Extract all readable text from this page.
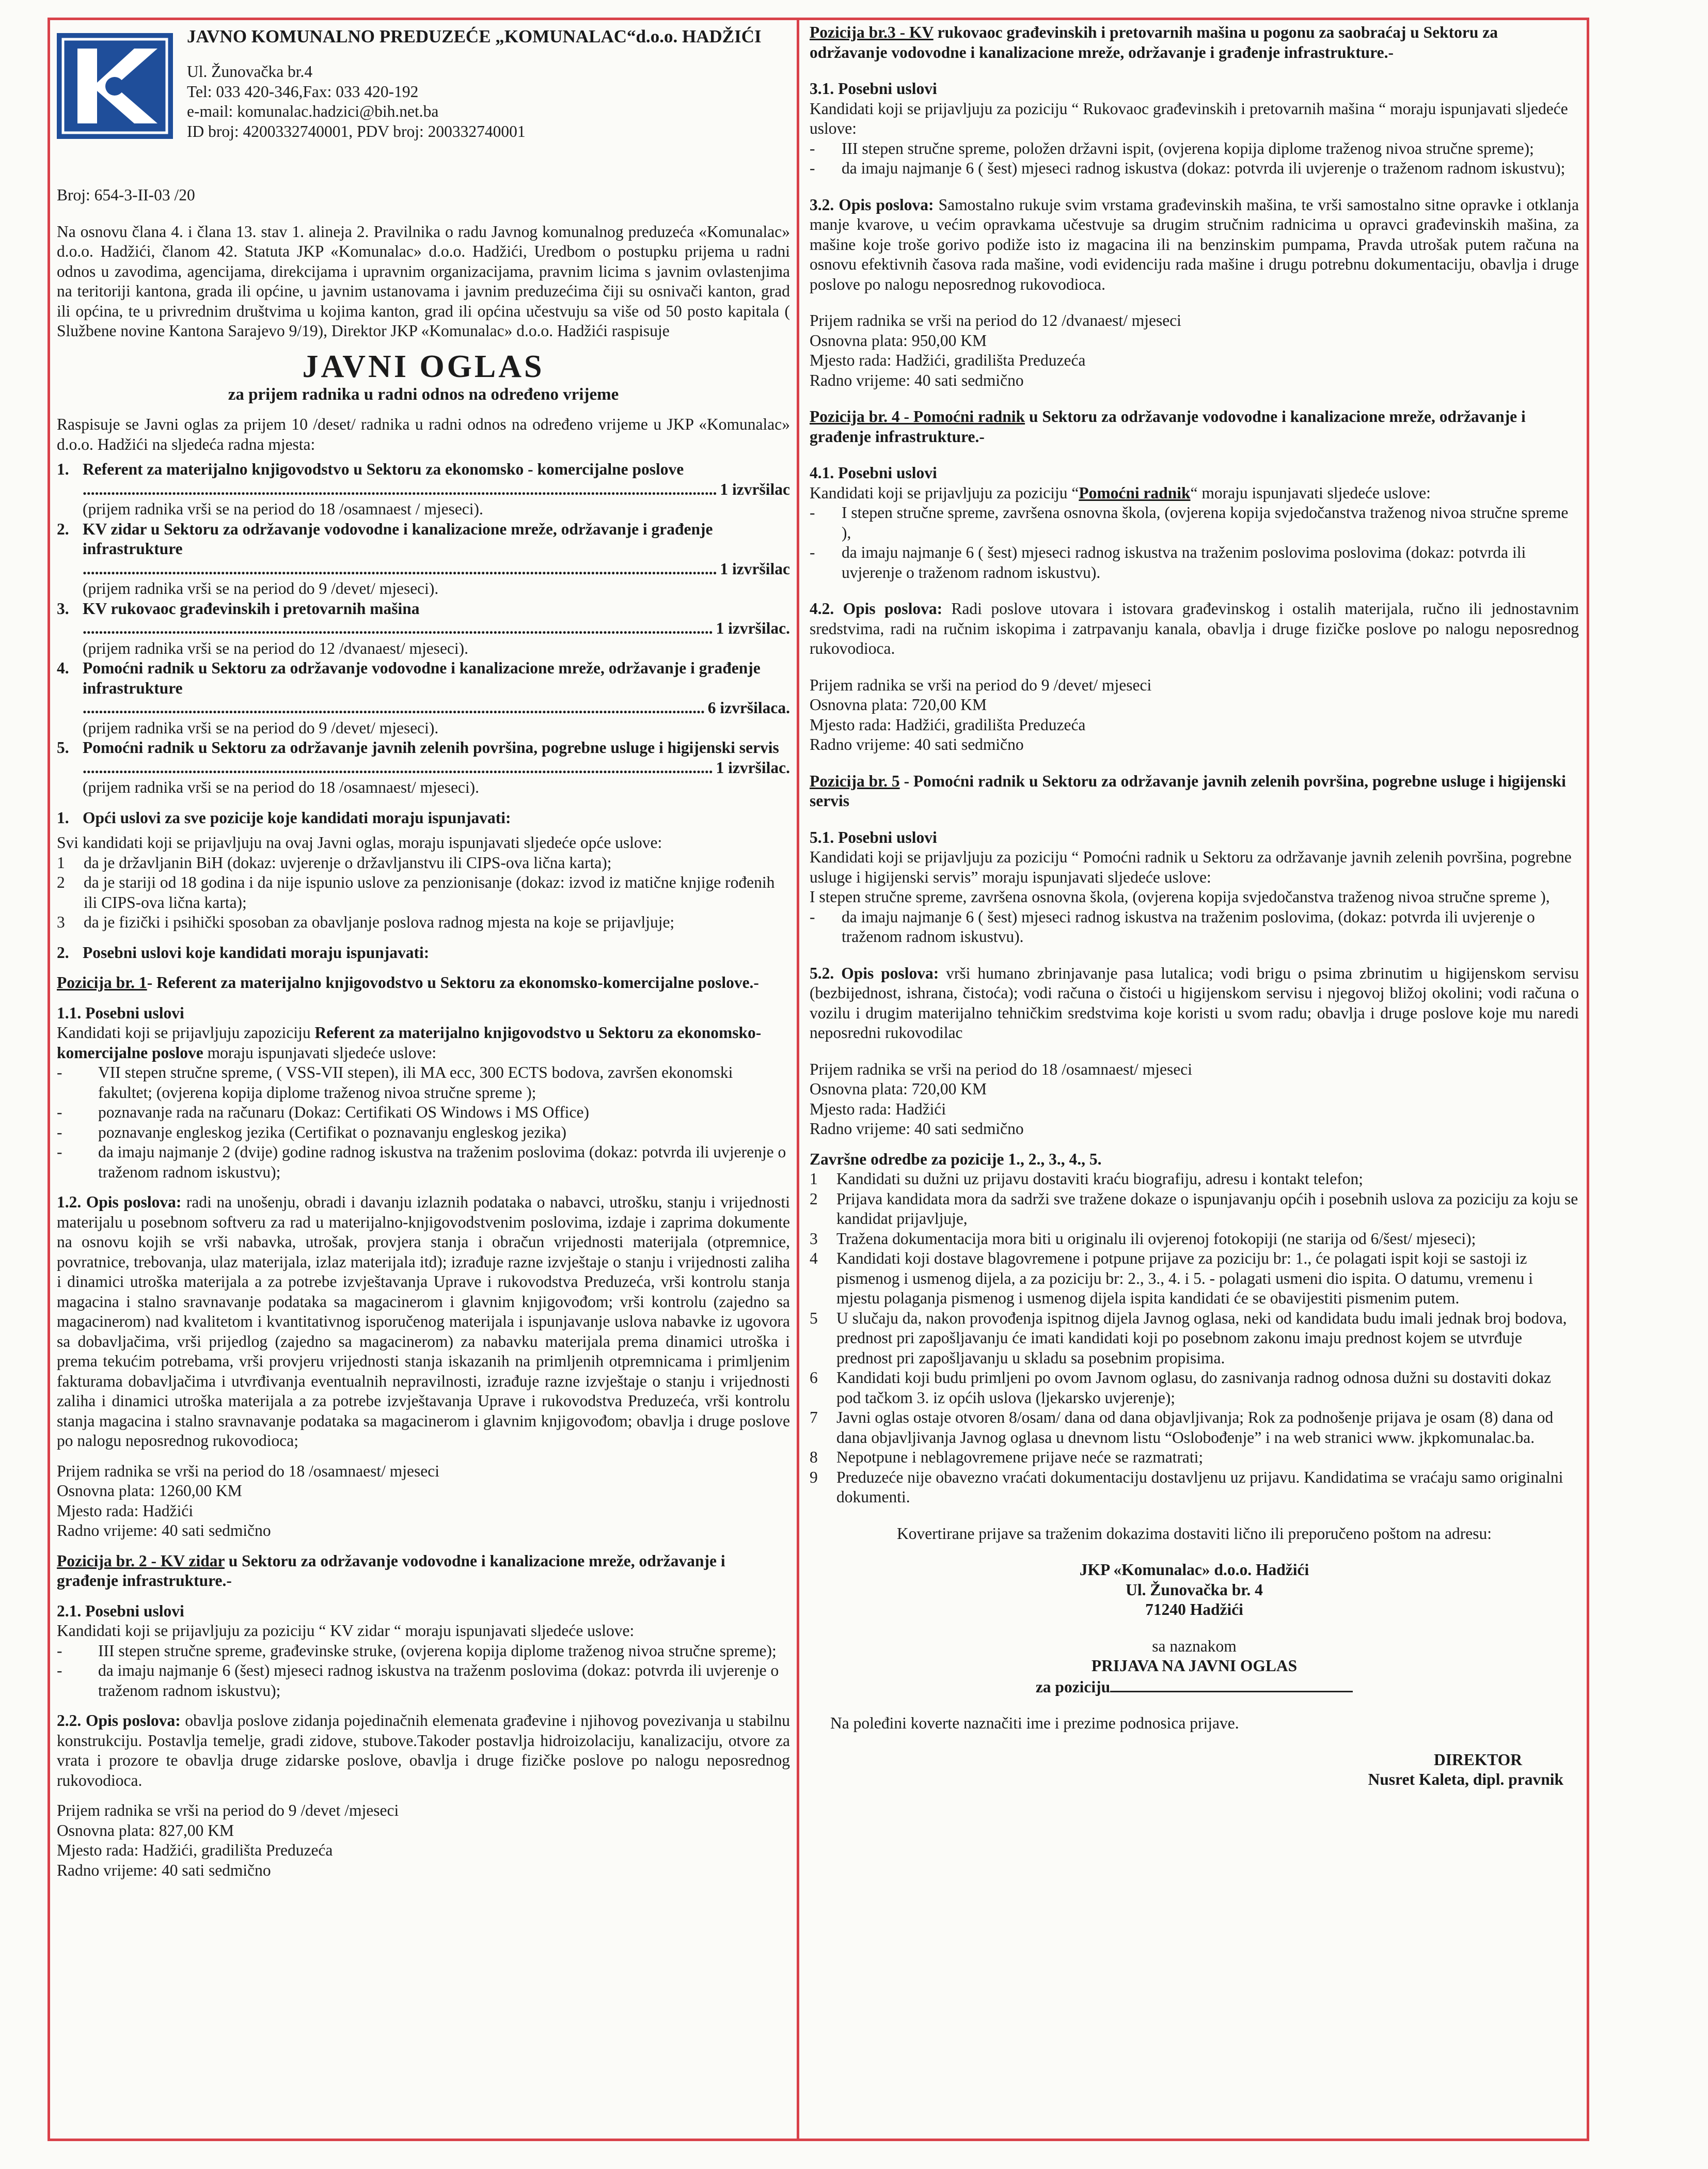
JAVNO KOMUNALNO PREDUZEĆE „KOMUNALAC“d.o.o. HADŽIĆI

Ul. Žunovačka br.4

Tel: 033 420-346,Fax: 033 420-192

e-mail: komunalac.hadzici@bih.net.ba

ID broj: 4200332740001, PDV broj: 200332740001

Broj: 654-3-II-03 /20

Na osnovu člana 4. i člana 13. stav 1. alineja 2. Pravilnika o radu Javnog komunalnog preduzeća «Komunalac» d.o.o. Hadžići, članom 42. Statuta JKP «Komunalac» d.o.o. Hadžići, Uredbom o postupku prijema u radni odnos u zavodima, agencijama, direkcijama i upravnim organizacijama, pravnim licima s javnim ovlastenjima na teritoriji kantona, grada ili općine, u javnim ustanovama i javnim preduzećima čiji su osnivači kanton, grad ili općina, te u privrednim društvima u kojima kanton, grad ili općina učestvuju sa više od 50 posto kapitala ( Službene novine Kantona Sarajevo 9/19), Direktor JKP «Komunalac» d.o.o. Hadžići raspisuje

JAVNI OGLAS

za prijem radnika u radni odnos na određeno vrijeme

Raspisuje se Javni oglas za prijem 10 /deset/ radnika u radni odnos na određeno vrijeme u JKP «Komunalac» d.o.o. Hadžići na sljedeća radna mjesta:

1. Referent za materijalno knjigovodstvo u Sektoru za ekonomsko - komercijalne poslove
.....
1 izvršilac

(prijem radnika vrši se na period do 18 /osamnaest / mjeseci).

2. KV zidar u Sektoru za održavanje vodovodne i kanalizacione mreže, održavanje i građenje infrastrukture
.....
1 izvršilac

(prijem radnika vrši se na period do 9 /devet/ mjeseci).

3. KV rukovaoc građevinskih i pretovarnih mašina
.....
1 izvršilac.

(prijem radnika vrši se na period do 12 /dvanaest/ mjeseci).

4. Pomoćni radnik u Sektoru za održavanje vodovodne i kanalizacione mreže, održavanje i građenje infrastrukture
.....
6 izvršilaca.

(prijem radnika vrši se na period do 9 /devet/ mjeseci).

5. Pomoćni radnik u Sektoru za održavanje javnih zelenih površina, pogrebne usluge i higijenski servis
.....
1 izvršilac.

(prijem radnika vrši se na period do 18 /osamnaest/ mjeseci).

1. Opći uslovi za sve pozicije koje kandidati moraju ispunjavati:

Svi kandidati koji se prijavljuju na ovaj Javni oglas, moraju ispunjavati sljedeće opće uslove:

1	da je državljanin BiH (dokaz: uvjerenje o državljanstvu ili CIPS-ova lična karta);
2	da je stariji od 18 godina i da nije ispunio uslove za penzionisanje (dokaz: izvod iz matične knjige rođenih ili CIPS-ova lična karta);
3	da je fizički i psihički sposoban za obavljanje poslova radnog mjesta na koje se prijavljuje;
2. Posebni uslovi koje kandidati moraju ispunjavati:

Pozicija br. 1- Referent za materijalno knjigovodstvo u Sektoru za ekonomsko-komercijalne poslove.-

1.1. Posebni uslovi

Kandidati koji se prijavljuju zapoziciju Referent za materijalno knjigovodstvo u Sektoru za ekonomsko-komercijalne poslove moraju ispunjavati sljedeće uslove:

-	VII stepen stručne spreme, ( VSS-VII stepen), ili MA ecc, 300 ECTS bodova, završen ekonomski fakultet; (ovjerena kopija diplome traženog nivoa stručne spreme );
-	poznavanje rada na računaru (Dokaz: Certifikati OS Windows i MS Office)
-	poznavanje engleskog jezika (Certifikat o poznavanju engleskog jezika)
-	da imaju najmanje 2 (dvije) godine radnog iskustva na traženim poslovima (dokaz: potvrda ili uvjerenje o traženom radnom iskustvu);

1.2. Opis poslova: radi na unošenju, obradi i davanju izlaznih podataka o nabavci, utrošku, stanju i vrijednosti materijalu u posebnom softveru za rad u materijalno-knjigovodstvenim poslovima, izdaje i zaprima dokumente na osnovu kojih se vrši nabavka, utrošak, provjera stanja i obračun vrijednosti materijala (otpremnice, povratnice, trebovanja, ulaz materijala, izlaz materijala itd); izrađuje razne izvještaje o stanju i vrijednosti zaliha i dinamici utroška materijala a za potrebe izvještavanja Uprave i rukovodstva Preduzeća, vrši kontrolu stanja magacina i stalno sravnavanje podataka sa magacinerom i glavnim knjigovođom; vrši kontrolu (zajedno sa magacinerom) nad kvalitetom i kvantitativnog isporučenog materijala i ispunjavanje uslova nabavke iz ugovora sa dobavljačima, vrši prijedlog (zajedno sa magacinerom) za nabavku materijala prema dinamici utroška i prema tekućim potrebama, vrši provjeru vrijednosti stanja iskazanih na primljenih otpremnicama i primljenim fakturama dobavljačima i utvrđivanja eventualnih nepravilnosti, izrađuje razne izvještaje o stanju i vrijednosti zaliha i dinamici utroška materijala a za potrebe izvještavanja Uprave i rukovodstva Preduzeća, vrši kontrolu stanja magacina i stalno sravnavanje podataka sa magacinerom i glavnim knjigovođom; obavlja i druge poslove po nalogu neposrednog rukovodioca;

Prijem radnika se vrši na period do 18 /osamnaest/ mjeseci

Osnovna plata: 1260,00 KM

Mjesto rada: Hadžići

Radno vrijeme: 40 sati sedmično

Pozicija br. 2 - KV zidar u Sektoru za održavanje vodovodne i kanalizacione mreže, održavanje i građenje infrastrukture.-

2.1. Posebni uslovi

Kandidati koji se prijavljuju za poziciju “ KV zidar “ moraju ispunjavati sljedeće uslove:

-	III stepen stručne spreme, građevinske struke, (ovjerena kopija diplome traženog nivoa stručne spreme);
-	da imaju najmanje 6 (šest) mjeseci radnog iskustva na traženm poslovima (dokaz: potvrda ili uvjerenje o traženom radnom iskustvu);

2.2. Opis poslova: obavlja poslove zidanja pojedinačnih elemenata građevine i njihovog povezivanja u stabilnu konstrukciju. Postavlja temelje, gradi zidove, stubove.Takoder postavlja hidroizolaciju, kanalizaciju, otvore za vrata i prozore te obavlja druge zidarske poslove, obavlja i druge fizičke poslove po nalogu neposrednog rukovodioca.

Prijem radnika se vrši na period do 9 /devet /mjeseci

Osnovna plata: 827,00 KM

Mjesto rada: Hadžići, gradilišta Preduzeća

Radno vrijeme: 40 sati sedmično

Pozicija br.3 - KV rukovaoc građevinskih i pretovarnih mašina u pogonu za saobraćaj u Sektoru za održavanje vodovodne i kanalizacione mreže, održavanje i građenje infrastrukture.-

3.1. Posebni uslovi

Kandidati koji se prijavljuju za poziciju “ Rukovaoc građevinskih i pretovarnih mašina “ moraju ispunjavati sljedeće uslove:

-	III stepen stručne spreme, položen državni ispit, (ovjerena kopija diplome traženog nivoa stručne spreme);
-	da imaju najmanje 6 ( šest) mjeseci radnog iskustva (dokaz: potvrda ili uvjerenje o traženom radnom iskustvu);

3.2. Opis poslova: Samostalno rukuje svim vrstama građevinskih mašina, te vrši samostalno sitne opravke i otklanja manje kvarove, u većim opravkama učestvuje sa drugim stručnim radnicima u opravci građevinskih mašina, za mašine koje troše gorivo podiže isto iz magacina ili na benzinskim pumpama, Pravda utrošak putem računa na osnovu efektivnih časova rada mašine, vodi evidenciju rada mašine i drugu potrebnu dokumentaciju, obavlja i druge poslove po nalogu neposrednog rukovodioca.

Prijem radnika se vrši na period do 12 /dvanaest/ mjeseci

Osnovna plata: 950,00 KM

Mjesto rada: Hadžići, gradilišta Preduzeća

Radno vrijeme: 40 sati sedmično

Pozicija br. 4 - Pomoćni radnik u Sektoru za održavanje vodovodne i kanalizacione mreže, održavanje i građenje infrastrukture.-

4.1. Posebni uslovi

Kandidati koji se prijavljuju za poziciju “Pomoćni radnik“ moraju ispunjavati sljedeće uslove:

-	I stepen stručne spreme, završena osnovna škola, (ovjerena kopija svjedočanstva traženog nivoa stručne spreme ),
-	da imaju najmanje 6 ( šest) mjeseci radnog iskustva na traženim poslovima poslovima (dokaz: potvrda ili uvjerenje o traženom radnom iskustvu).

4.2. Opis poslova: Radi poslove utovara i istovara građevinskog i ostalih materijala, ručno ili jednostavnim sredstvima, radi na ručnim iskopima i zatrpavanju kanala, obavlja i druge fizičke poslove po nalogu neposrednog rukovodioca.

Prijem radnika se vrši na period do 9 /devet/ mjeseci

Osnovna plata: 720,00 KM

Mjesto rada: Hadžići, gradilišta Preduzeća

Radno vrijeme: 40 sati sedmično

Pozicija br. 5 - Pomoćni radnik u Sektoru za održavanje javnih zelenih površina, pogrebne usluge i higijenski servis

5.1. Posebni uslovi

Kandidati koji se prijavljuju za poziciju “ Pomoćni radnik u Sektoru za održavanje javnih zelenih površina, pogrebne usluge i higijenski servis” moraju ispunjavati sljedeće uslove:

I stepen stručne spreme, završena osnovna škola, (ovjerena kopija svjedočanstva traženog nivoa stručne spreme ),

-	da imaju najmanje 6 ( šest) mjeseci radnog iskustva na traženim poslovima, (dokaz: potvrda ili uvjerenje o traženom radnom iskustvu).

5.2. Opis poslova: vrši humano zbrinjavanje pasa lutalica; vodi brigu o psima zbrinutim u higijenskom servisu (bezbijednost, ishrana, čistoća); vodi računa o čistoći u higijenskom servisu i njegovoj bližoj okolini; vodi računa o vozilu i drugim materijalno tehničkim sredstvima koje koristi u svom radu; obavlja i druge poslove koje mu naredi neposredni rukovodilac

Prijem radnika se vrši na period do 18 /osamnaest/ mjeseci

Osnovna plata: 720,00 KM

Mjesto rada: Hadžići

Radno vrijeme: 40 sati sedmično

Završne odredbe za pozicije 1., 2., 3., 4., 5.

1	Kandidati su dužni uz prijavu dostaviti kraću biografiju, adresu i kontakt telefon;
2	Prijava kandidata mora da sadrži sve tražene dokaze o ispunjavanju općih i posebnih uslova za poziciju za koju se kandidat prijavljuje,
3	Tražena dokumentacija mora biti u originalu ili ovjerenoj fotokopiji (ne starija od 6/šest/ mjeseci);
4	Kandidati koji dostave blagovremene i potpune prijave za poziciju br: 1., će polagati ispit koji se sastoji iz pismenog i usmenog dijela, a za poziciju br: 2., 3., 4. i 5. - polagati usmeni dio ispita. O datumu, vremenu i mjestu polaganja pismenog i usmenog dijela ispita kandidati će se obavijestiti pismenim putem.
5	U slučaju da, nakon provođenja ispitnog dijela Javnog oglasa, neki od kandidata budu imali jednak broj bodova, prednost pri zapošljavanju će imati kandidati koji po posebnom zakonu imaju prednost kojem se utvrđuje prednost pri zapošljavanju u skladu sa posebnim propisima.
6	Kandidati koji budu primljeni po ovom Javnom oglasu, do zasnivanja radnog odnosa dužni su dostaviti dokaz pod tačkom 3. iz općih uslova (ljekarsko uvjerenje);
7	Javni oglas ostaje otvoren 8/osam/ dana od dana objavljivanja; Rok za podnošenje prijava je osam (8) dana od dana objavljivanja Javnog oglasa u dnevnom listu “Oslobođenje” i na web stranici www. jkpkomunalac.ba.
8	Nepotpune i neblagovremene prijave neće se razmatrati;
9	Preduzeće nije obavezno vraćati dokumentaciju dostavljenu uz prijavu. Kandidatima se vraćaju samo originalni dokumenti.

Kovertirane prijave sa traženim dokazima dostaviti lično ili preporučeno poštom na adresu:

JKP «Komunalac» d.o.o. Hadžići

Ul. Žunovačka br. 4

71240 Hadžići

sa naznakom

PRIJAVA NA JAVNI OGLAS

za poziciju

Na poleđini koverte naznačiti ime i prezime podnosica prijave.

DIREKTOR

Nusret Kaleta, dipl. pravnik
